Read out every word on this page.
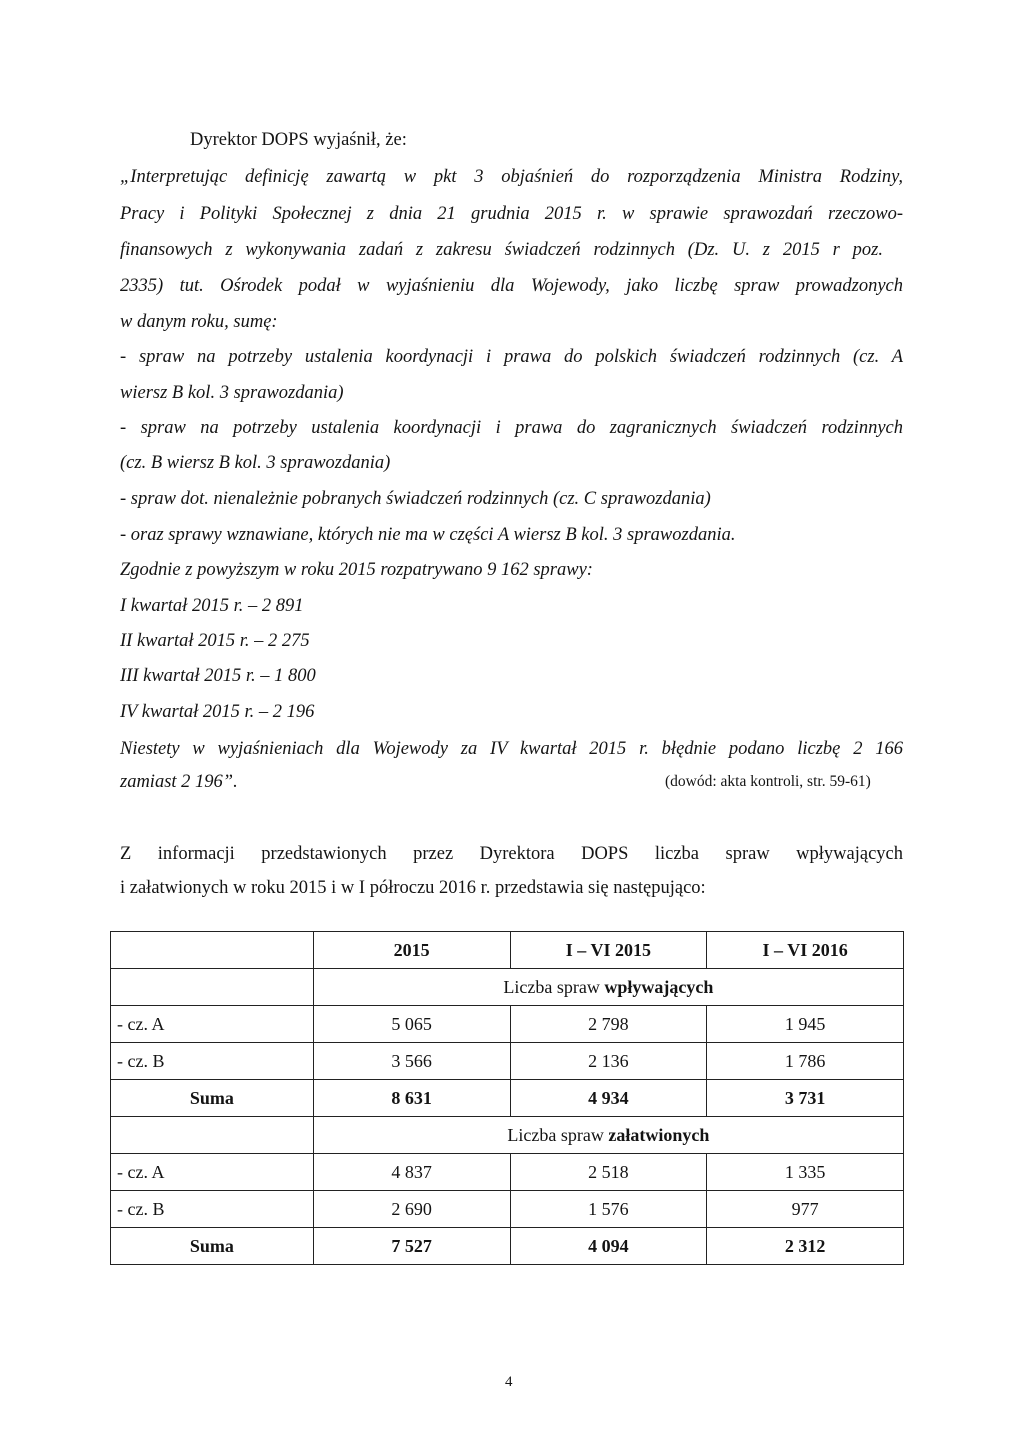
Dyrektor DOPS wyjaśnił, że:
„Interpretując definicję zawartą w pkt 3 objaśnień do rozporządzenia Ministra Rodziny,
Pracy i Polityki Społecznej z dnia 21 grudnia 2015 r. w sprawie sprawozdań rzeczowo-
finansowych z wykonywania zadań z zakresu świadczeń rodzinnych (Dz. U. z 2015 r poz.
2335) tut. Ośrodek podał w wyjaśnieniu dla Wojewody, jako liczbę spraw prowadzonych
w danym roku, sumę:
- spraw na potrzeby ustalenia koordynacji i prawa do polskich świadczeń rodzinnych (cz. A
wiersz B kol. 3 sprawozdania)
- spraw na potrzeby ustalenia koordynacji i prawa do zagranicznych świadczeń rodzinnych
(cz. B wiersz B kol. 3 sprawozdania)
- spraw dot. nienależnie pobranych świadczeń rodzinnych (cz. C sprawozdania)
- oraz sprawy wznawiane, których nie ma w części A wiersz B kol. 3 sprawozdania.
Zgodnie z powyższym w roku 2015 rozpatrywano 9 162 sprawy:
I kwartał 2015 r. – 2 891
II kwartał 2015 r. – 2 275
III kwartał 2015 r. – 1 800
IV kwartał 2015 r. – 2 196
Niestety w wyjaśnieniach dla Wojewody za IV kwartał 2015 r. błędnie podano liczbę 2 166
zamiast 2 196”.	(dowód: akta kontroli, str. 59-61)
Z informacji przedstawionych przez Dyrektora DOPS liczba spraw wpływających
i załatwionych w roku 2015 i w I półroczu 2016 r. przedstawia się następująco:
	2015	I – VI 2015	I – VI 2016
	Liczba spraw wpływających		
- cz. A	5 065	2 798	1 945
- cz. B	3 566	2 136	1 786
Suma	8 631	4 934	3 731
	Liczba spraw załatwionych		
- cz. A	4 837	2 518	1 335
- cz. B	2 690	1 576	977
Suma	7 527	4 094	2 312
4
